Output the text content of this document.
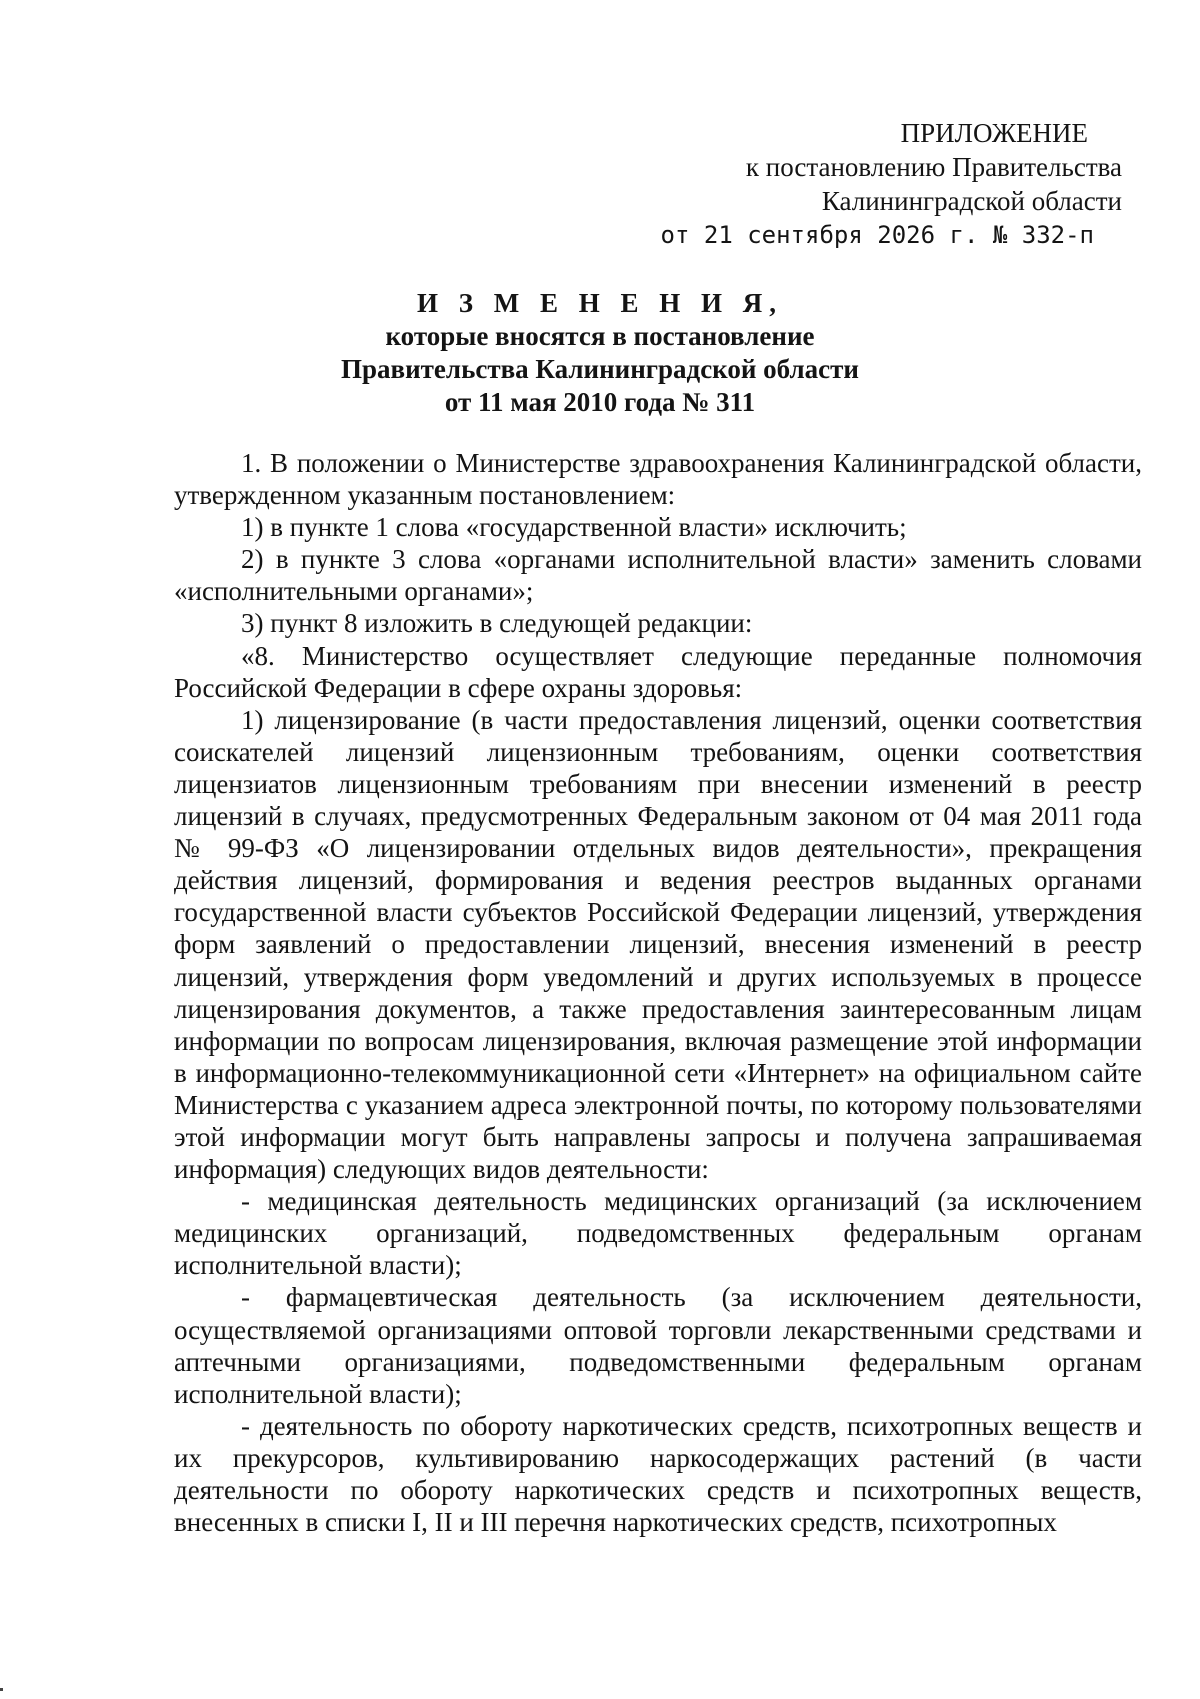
ПРИЛОЖЕНИЕ
к постановлению Правительства
Калининградской области
от 21 сентября 2026 г. № 332-п
И З М Е Н Е Н И Я,
которые вносятся в постановление
Правительства Калининградской области
от 11 мая 2010 года № 311

1. В положении о Министерстве здравоохранения Калининградской области, утвержденном указанным постановлением:

1) в пункте 1 слова «государственной власти» исключить;

2) в пункте 3 слова «органами исполнительной власти» заменить словами «исполнительными органами»;

3) пункт 8 изложить в следующей редакции:

«8. Министерство осуществляет следующие переданные полномочия Российской Федерации в сфере охраны здоровья:

1) лицензирование (в части предоставления лицензий, оценки соответствия соискателей лицензий лицензионным требованиям, оценки соответствия лицензиатов лицензионным требованиям при внесении изменений в реестр лицензий в случаях, предусмотренных Федеральным законом от 04 мая 2011 года № 99-ФЗ «О лицензировании отдельных видов деятельности», прекращения действия лицензий, формирования и ведения реестров выданных органами государственной власти субъектов Российской Федерации лицензий, утверждения форм заявлений о предоставлении лицензий, внесения изменений в реестр лицензий, утверждения форм уведомлений и других используемых в процессе лицензирования документов, а также предоставления заинтересованным лицам информации по вопросам лицензирования, включая размещение этой информации в информационно-телекоммуникационной сети «Интернет» на официальном сайте Министерства с указанием адреса электронной почты, по которому пользователями этой информации могут быть направлены запросы и получена запрашиваемая информация) следующих видов деятельности:

- медицинская деятельность медицинских организаций (за исключением медицинских организаций, подведомственных федеральным органам исполнительной власти);

- фармацевтическая деятельность (за исключением деятельности, осуществляемой организациями оптовой торговли лекарственными средствами и аптечными организациями, подведомственными федеральным органам исполнительной власти);

- деятельность по обороту наркотических средств, психотропных веществ и их прекурсоров, культивированию наркосодержащих растений (в части деятельности по обороту наркотических средств и психотропных веществ, внесенных в списки I, II и III перечня наркотических средств, психотропных
